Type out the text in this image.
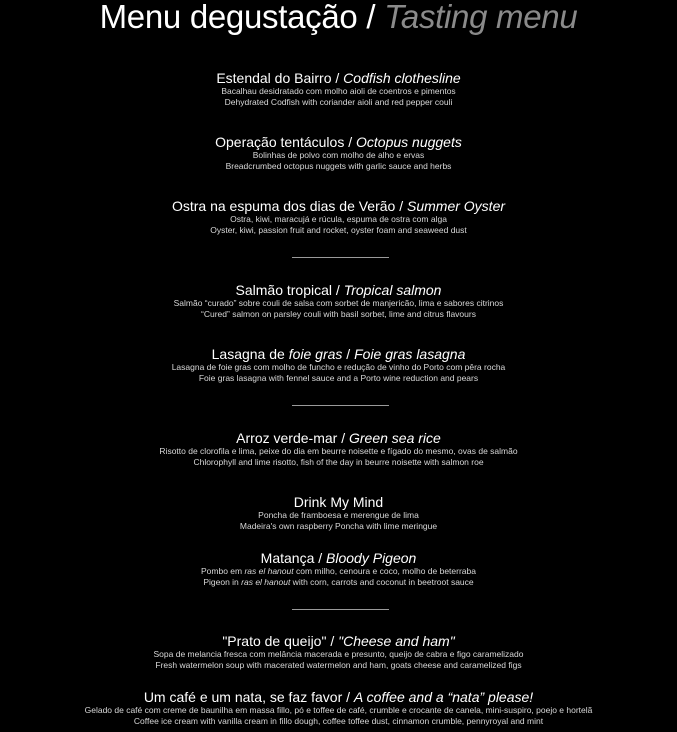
Menu degustação / Tasting menu
Estendal do Bairro / Codfish clothesline
Bacalhau desidratado com molho aioli de coentros e pimentos
Dehydrated Codfish with coriander aioli and red pepper couli
Operação tentáculos / Octopus nuggets
Bolinhas de polvo com molho de alho e ervas
Breadcrumbed octopus nuggets with garlic sauce and herbs
Ostra na espuma dos dias de Verão / Summer Oyster
Ostra, kiwi, maracujá e rúcula, espuma de ostra com alga
Oyster, kiwi, passion fruit and rocket, oyster foam and seaweed dust
Salmão tropical / Tropical salmon
Salmão “curado” sobre couli de salsa com sorbet de manjericão, lima e sabores citrinos
“Cured” salmon on parsley couli with basil sorbet, lime and citrus flavours
Lasagna de foie gras / Foie gras lasagna
Lasagna de foie gras com molho de funcho e redução de vinho do Porto com pêra rocha
Foie gras lasagna with fennel sauce and a Porto wine reduction and pears
Arroz verde-mar / Green sea rice
Risotto de clorofila e lima, peixe do dia em beurre noisette e fígado do mesmo, ovas de salmão
Chlorophyll and lime risotto, fish of the day in beurre noisette with salmon roe
Drink My Mind
Poncha de framboesa e merengue de lima
Madeira's own raspberry Poncha with lime meringue
Matança / Bloody Pigeon
Pombo em ras el hanout com milho, cenoura e coco, molho de beterraba
Pigeon in ras el hanout with corn, carrots and coconut in beetroot sauce
"Prato de queijo" / "Cheese and ham"
Sopa de melancia fresca com melância macerada e presunto, queijo de cabra e figo caramelizado
Fresh watermelon soup with macerated watermelon and ham, goats cheese and caramelized figs
Um café e um nata, se faz favor / A coffee and a “nata” please!
Gelado de café com creme de baunilha em massa fillo, pó e toffee de café, crumble e crocante de canela, mini-suspiro, poejo e hortelã
Coffee ice cream with vanilla cream in fillo dough, coffee toffee dust, cinnamon crumble, pennyroyal and mint
